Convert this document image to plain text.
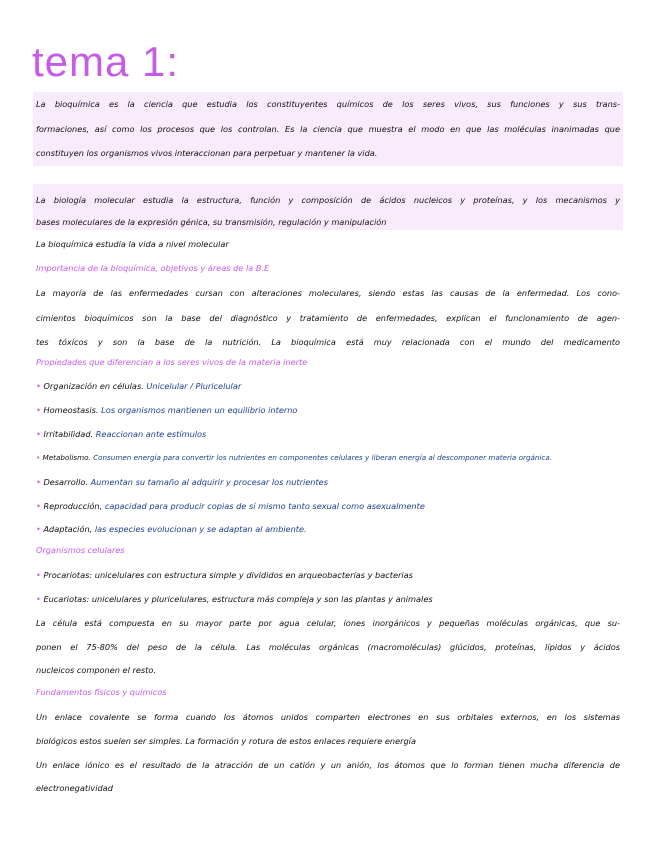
tema 1:
La bioquímica es la ciencia que estudia los constituyentes químicos de los seres vivos, sus funciones y sus trans-
formaciones, así como los procesos que los controlan. Es la ciencia que muestra el modo en que las moléculas inanimadas que
constituyen los organismos vivos interaccionan para perpetuar y mantener la vida.
La biología molecular estudia la estructura, función y composición de ácidos nucleicos y proteínas, y los mecanismos y
bases moleculares de la expresión génica, su transmisión, regulación y manipulación
La bioquímica estudia la vida a nivel molecular
Importancia de la bioquímica, objetivos y áreas de la B.E
La mayoría de las enfermedades cursan con alteraciones moleculares, siendo estas las causas de la enfermedad. Los cono-
cimientos bioquímicos son la base del diagnóstico y tratamiento de enfermedades, explican el funcionamiento de agen-
tes tóxicos y son la base de la nutrición. La bioquímica está muy relacionada con el mundo del medicamento
Propiedades que diferencian a los seres vivos de la materia inerte
• Organización en células. Unicelular / Pluricelular
• Homeostasis. Los organismos mantienen un equilibrio interno
• Irritabilidad. Reaccionan ante estímulos
• Metabolismo. Consumen energía para convertir los nutrientes en componentes celulares y liberan energía al descomponer materia orgánica.
• Desarrollo. Aumentan su tamaño al adquirir y procesar los nutrientes
• Reproducción, capacidad para producir copias de sí mismo tanto sexual como asexualmente
• Adaptación, las especies evolucionan y se adaptan al ambiente.
Organismos celulares
• Procariotas: unicelulares con estructura simple y divididos en arqueobacterias y bacterias
• Eucariotas: unicelulares y pluricelulares, estructura más compleja y son las plantas y animales
La célula está compuesta en su mayor parte por agua celular, iones inorgánicos y pequeñas moléculas orgánicas, que su-
ponen el 75-80% del peso de la célula. Las moléculas orgánicas (macromoléculas) glúcidos, proteínas, lípidos y ácidos
nucleicos componen el resto.
Fundamentos físicos y químicos
Un enlace covalente se forma cuando los átomos unidos comparten electrones en sus orbitales externos, en los sistemas
biológicos estos suelen ser simples. La formación y rotura de estos enlaces requiere energía
Un enlace iónico es el resultado de la atracción de un catión y un anión, los átomos que lo forman tienen mucha diferencia de
electronegatividad
